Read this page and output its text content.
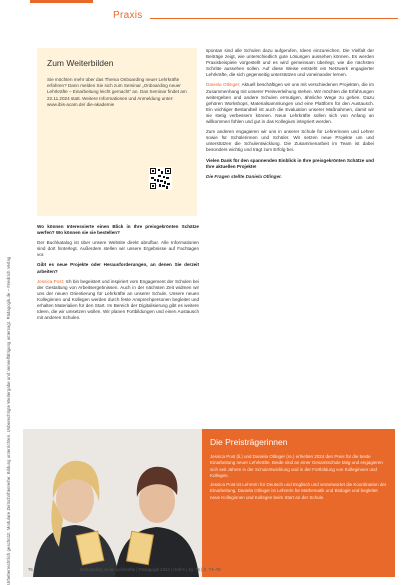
Urheberrechtlich geschützt. Modulare Zeitschriftenreihe: Bildung unterrichten. Unberechtigte Weitergabe und Vervielfältigung untersagt. Pädagogik.de – Friedrich Verlag
Praxis
Zum Weiterbilden
Sie möchten mehr über das Thema Onboarding neuer Lehrkräfte erfahren? Dann melden Sie sich zum Seminar „Onboarding neuer Lehrkräfte – Einarbeitung leicht gemacht“ an. Das Seminar findet am 22.11.2024 statt. Weitere Informationen und Anmeldung unter: www.ibis-acam.de/ die-akademie

Wo können Interessierte einen Blick in Ihre preisgekrönten Schätze werfen? Wo können sie sie bestellen?

Der Buchkatalog ist über unsere Website direkt abrufbar. Alle Informationen sind dort hinterlegt. Außerdem stellen wir unsere Ergebnisse auf Fachtagen vor.

Gibt es neue Projekte oder Herausforderungen, an denen Sie derzeit arbeiten?

Jessica Post: Ich bin begeistert und inspiriert vom Engagement der Schulen bei der Gestaltung von Arbeitsergebnissen. Auch in der nächsten Zeit widmen wir uns der neuen Orientierung für Lehrkräfte an unserer Schule. Unsere neuen Kolleginnen und Kollegen werden durch feste Ansprechpersonen begleitet und erhalten Materialien für den Start. Im Bereich der Digitalisierung gibt es weitere Ideen, die wir umsetzen wollen. Wir planen Fortbildungen und einen Austausch mit anderen Schulen.

spontan sind alle Schulen dazu aufgerufen, Ideen einzureichen. Die Vielfalt der Beiträge zeigt, wie unterschiedlich gute Lösungen aussehen können. Es werden Praxisbeispiele vorgestellt und es wird gemeinsam überlegt, wie die nächsten Schritte aussehen sollen. Auf diese Weise entsteht ein Netzwerk engagierter Lehrkräfte, die sich gegenseitig unterstützen und voneinander lernen.

Daniela Otlinger: Aktuell beschäftigen wir uns mit verschiedenen Projekten, die im Zusammenhang mit unserer Preisverleihung stehen. Wir möchten die Erfahrungen weitergeben und andere Schulen ermutigen, ähnliche Wege zu gehen. Dazu gehören Workshops, Materialsammlungen und eine Plattform für den Austausch. Ein wichtiger Bestandteil ist auch die Evaluation unserer Maßnahmen, damit wir sie stetig verbessern können. Neue Lehrkräfte sollen sich von Anfang an willkommen fühlen und gut in das Kollegium integriert werden.

Zum anderen engagieren wir uns in unserer Schule für Lehrerinnen und Lehrer sowie für Schülerinnen und Schüler. Wir setzen neue Projekte um und unterstützen die Schulentwicklung. Die Zusammenarbeit im Team ist dabei besonders wichtig und trägt zum Erfolg bei.

Vielen Dank für den spannenden Einblick in Ihre preisgekrönten Schätze und Ihre aktuellen Projekte!

Die Fragen stellte Daniela Otlinger.

Die Preisträgerinnen

Jessica Post (li.) und Daniela Otlinger (re.) erhielten 2024 den Preis für die beste Einarbeitung neuer Lehrkräfte. Beide sind an einer Gesamtschule tätig und engagieren sich seit Jahren in der Schulentwicklung und in der Fortbildung von Kolleginnen und Kollegen.

Jessica Post ist Lehrerin für Deutsch und Englisch und verantwortet die Koordination der Einarbeitung. Daniela Otlinger ist Lehrerin für Mathematik und Biologie und begleitet neue Kolleginnen und Kollegen beim Start an der Schule.

76	Onboarding neuer Lehrkräfte | Pädagogik 2024 | Heft 6 | Jg. 76 | S. 74–76
